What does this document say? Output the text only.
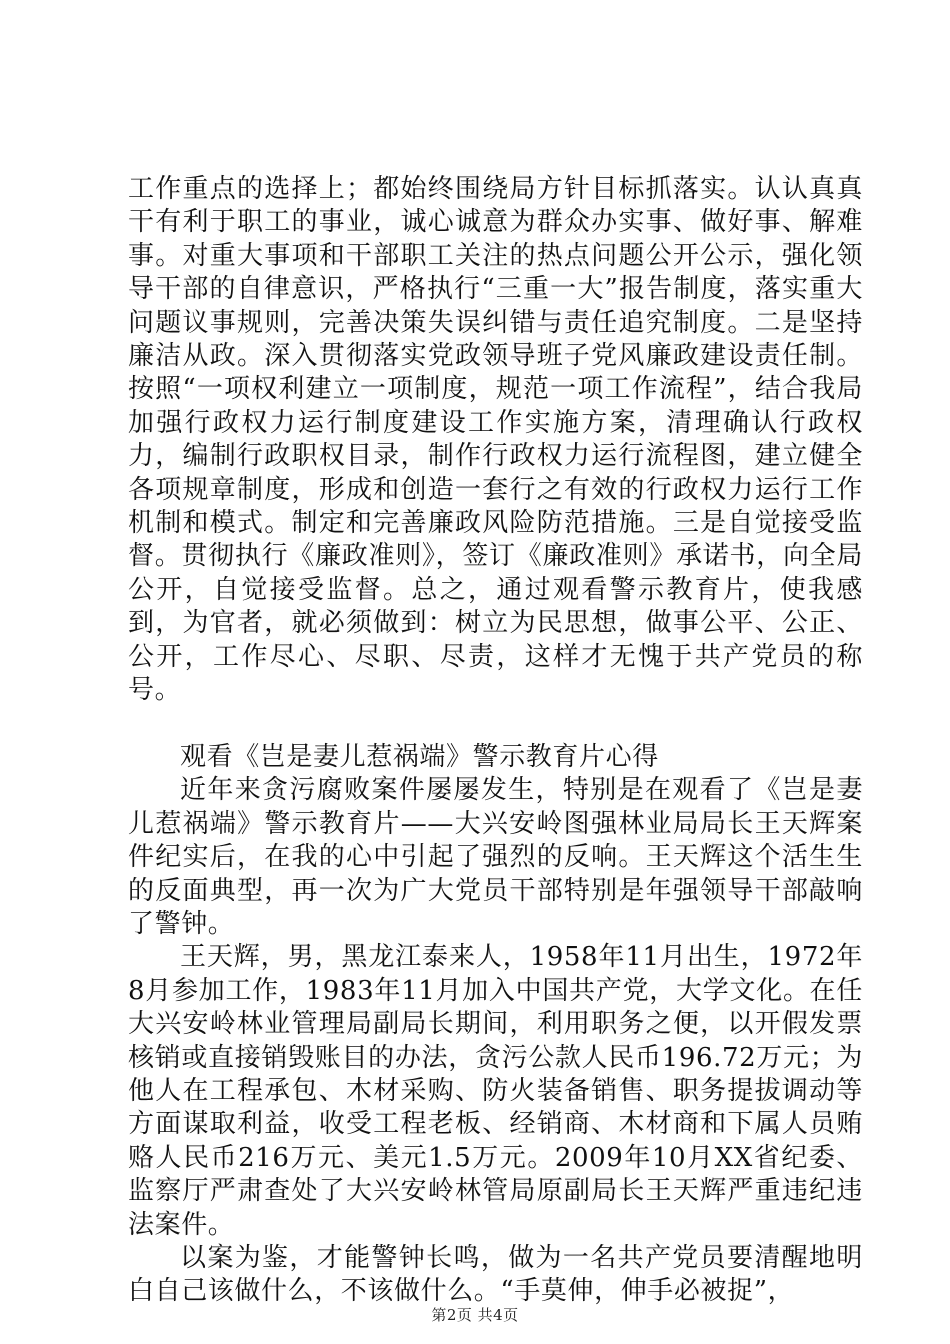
工作重点的选择上；都始终围绕局方针目标抓落实。认认真真干有利于职工的事业，诚心诚意为群众办实事、做好事、解难事。对重大事项和干部职工关注的热点问题公开公示，强化领导干部的自律意识，严格执行“三重一大”报告制度，落实重大问题议事规则，完善决策失误纠错与责任追究制度。二是坚持廉洁从政。深入贯彻落实党政领导班子党风廉政建设责任制。按照“一项权利建立一项制度，规范一项工作流程”，结合我局加强行政权力运行制度建设工作实施方案，清理确认行政权力，编制行政职权目录，制作行政权力运行流程图，建立健全各项规章制度，形成和创造一套行之有效的行政权力运行工作机制和模式。制定和完善廉政风险防范措施。三是自觉接受监督。贯彻执行《廉政准则》，签订《廉政准则》承诺书，向全局公开，自觉接受监督。总之，通过观看警示教育片，使我感到，为官者，就必须做到：树立为民思想，做事公平、公正、公开，工作尽心、尽职、尽责，这样才无愧于共产党员的称号。

观看《岂是妻儿惹祸端》警示教育片心得

近年来贪污腐败案件屡屡发生，特别是在观看了《岂是妻儿惹祸端》警示教育片——大兴安岭图强林业局局长王天辉案件纪实后，在我的心中引起了强烈的反响。王天辉这个活生生的反面典型，再一次为广大党员干部特别是年强领导干部敲响了警钟。

王天辉，男，黑龙江泰来人，1958年11月出生，1972年8月参加工作，1983年11月加入中国共产党，大学文化。在任大兴安岭林业管理局副局长期间，利用职务之便，以开假发票核销或直接销毁账目的办法，贪污公款人民币196.72万元；为他人在工程承包、木材采购、防火装备销售、职务提拔调动等方面谋取利益，收受工程老板、经销商、木材商和下属人员贿赂人民币216万元、美元1.5万元。2009年10月XX省纪委、监察厅严肃查处了大兴安岭林管局原副局长王天辉严重违纪违法案件。

以案为鉴，才能警钟长鸣，做为一名共产党员要清醒地明白自己该做什么，不该做什么。“手莫伸，伸手必被捉”，

第2页 共4页
